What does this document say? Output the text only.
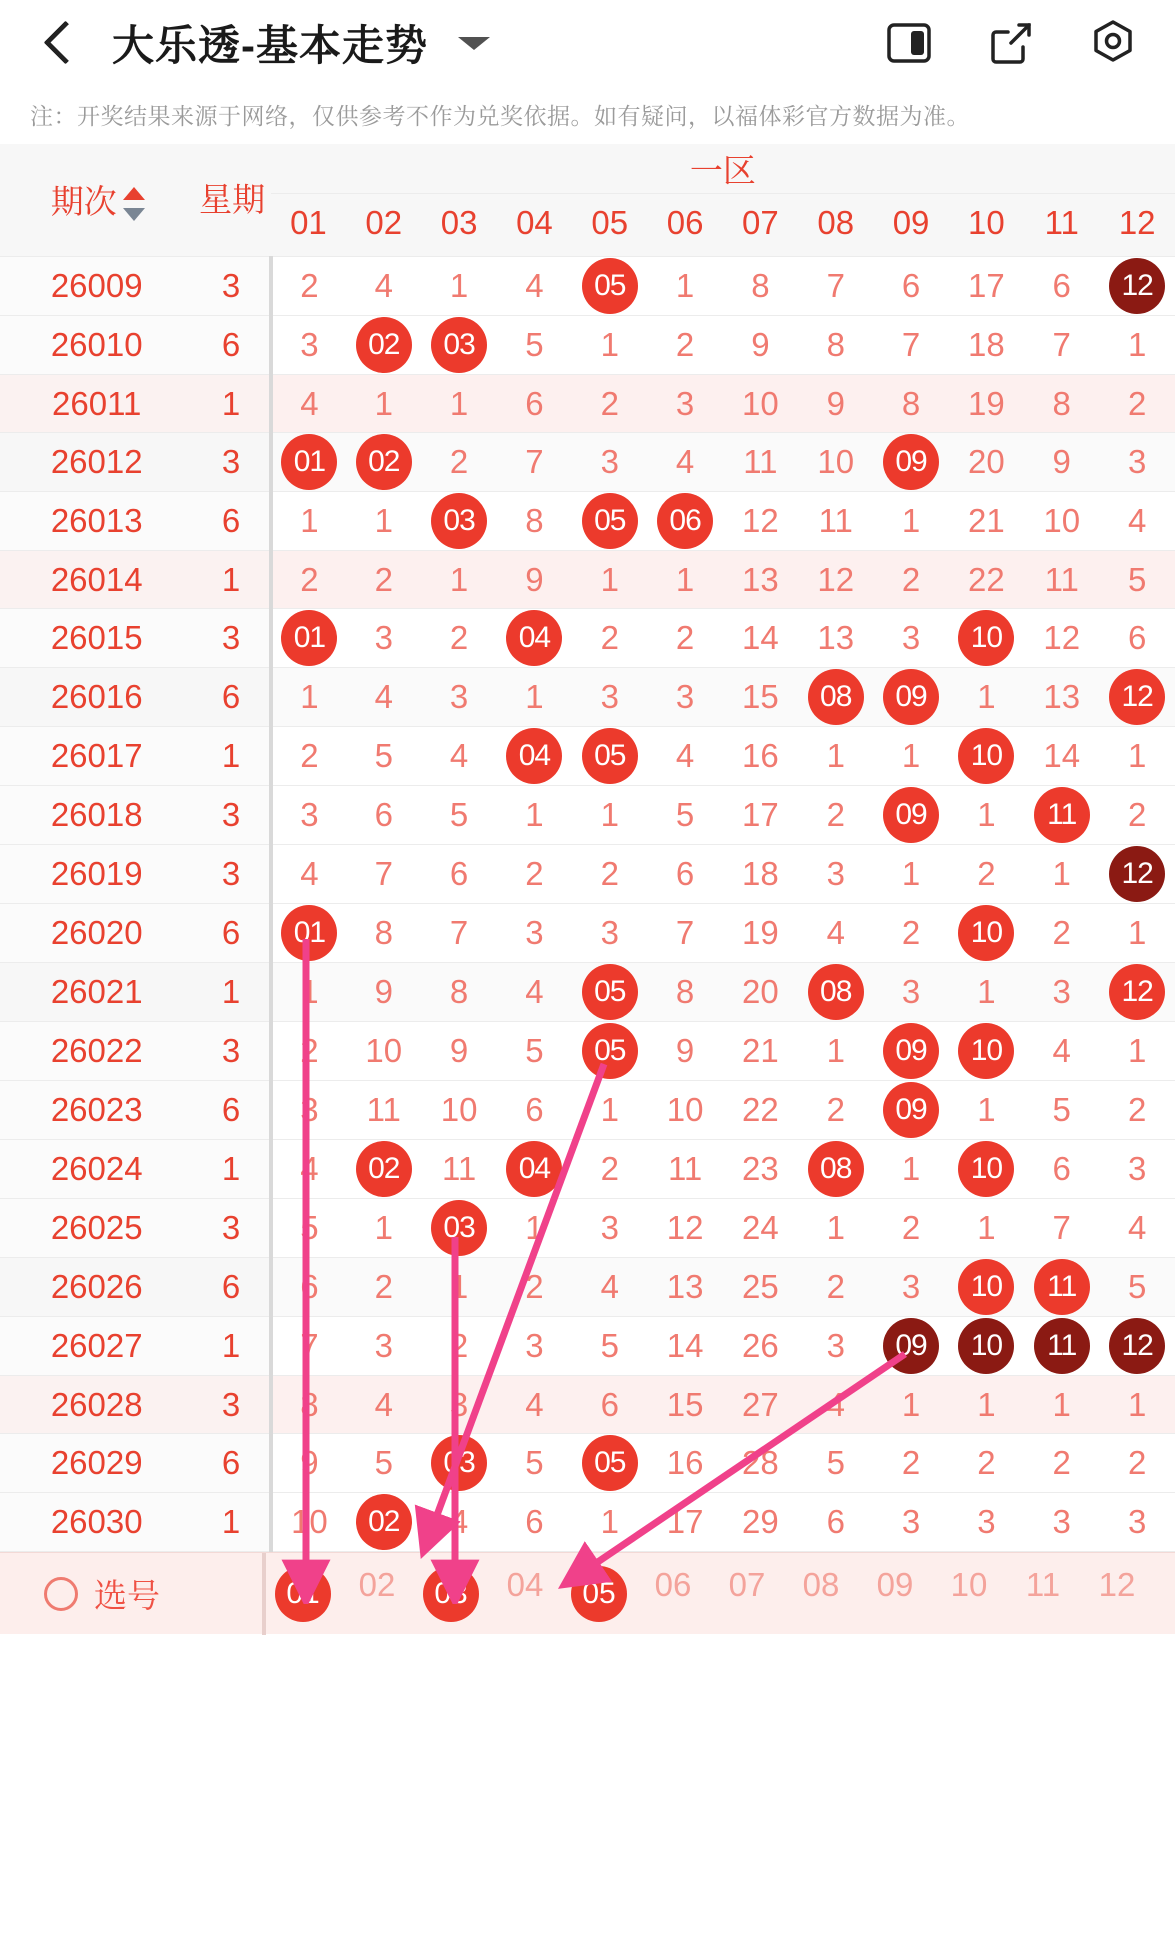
大乐透-基本走势
注：开奖结果来源于网络，仅供参考不作为兑奖依据。如有疑问，以福体彩官方数据为准。
期次	星期	一区											
		01	02	03	04	05	06	07	08	09	10	11	12
26009	3	2	4	1	4	05	1	8	7	6	17	6	12
26010	6	3	02	03	5	1	2	9	8	7	18	7	1
26011	1	4	1	1	6	2	3	10	9	8	19	8	2
26012	3	01	02	2	7	3	4	11	10	09	20	9	3
26013	6	1	1	03	8	05	06	12	11	1	21	10	4
26014	1	2	2	1	9	1	1	13	12	2	22	11	5
26015	3	01	3	2	04	2	2	14	13	3	10	12	6
26016	6	1	4	3	1	3	3	15	08	09	1	13	12
26017	1	2	5	4	04	05	4	16	1	1	10	14	1
26018	3	3	6	5	1	1	5	17	2	09	1	11	2
26019	3	4	7	6	2	2	6	18	3	1	2	1	12
26020	6	01	8	7	3	3	7	19	4	2	10	2	1
26021	1	1	9	8	4	05	8	20	08	3	1	3	12
26022	3	2	10	9	5	05	9	21	1	09	10	4	1
26023	6	3	11	10	6	1	10	22	2	09	1	5	2
26024	1	4	02	11	04	2	11	23	08	1	10	6	3
26025	3	5	1	03	1	3	12	24	1	2	1	7	4
26026	6	6	2	1	2	4	13	25	2	3	10	11	5
26027	1	7	3	2	3	5	14	26	3	09	10	11	12
26028	3	8	4	3	4	6	15	27	4	1	1	1	1
26029	6	9	5	03	5	05	16	28	5	2	2	2	2
26030	1	10	02	4	6	1	17	29	6	3	3	3	3
选号	01	02	03	04	05	06	07	08	09	10	11	12
